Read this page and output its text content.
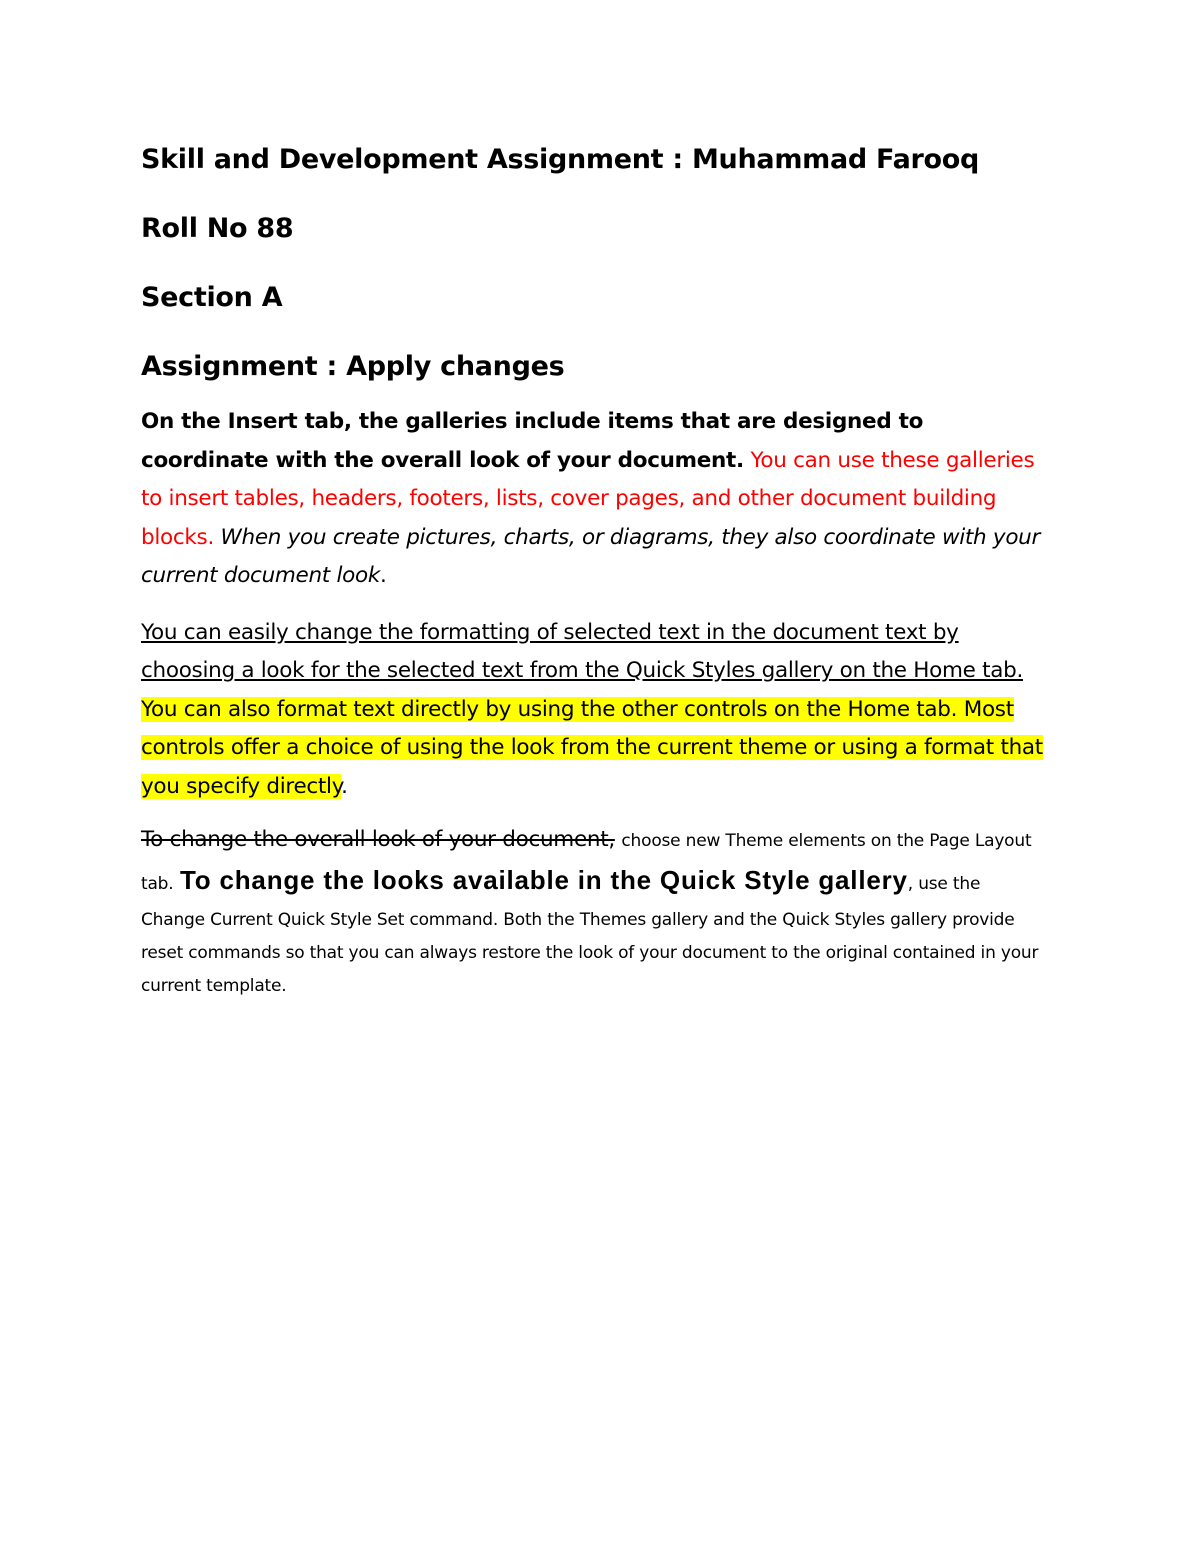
Skill and Development Assignment : Muhammad Farooq
Roll No 88
Section A
Assignment : Apply changes

On the Insert tab, the galleries include items that are designed to coordinate with the overall look of your document. You can use these galleries to insert tables, headers, footers, lists, cover pages, and other document building blocks. When you create pictures, charts, or diagrams, they also coordinate with your current document look.

You can easily change the formatting of selected text in the document text by choosing a look for the selected text from the Quick Styles gallery on the Home tab. You can also format text directly by using the other controls on the Home tab. Most controls offer a choice of using the look from the current theme or using a format that you specify directly.

To change the overall look of your document, choose new Theme elements on the Page Layout tab. To change the looks available in the Quick Style gallery, use the Change Current Quick Style Set command. Both the Themes gallery and the Quick Styles gallery provide reset commands so that you can always restore the look of your document to the original contained in your current template.
